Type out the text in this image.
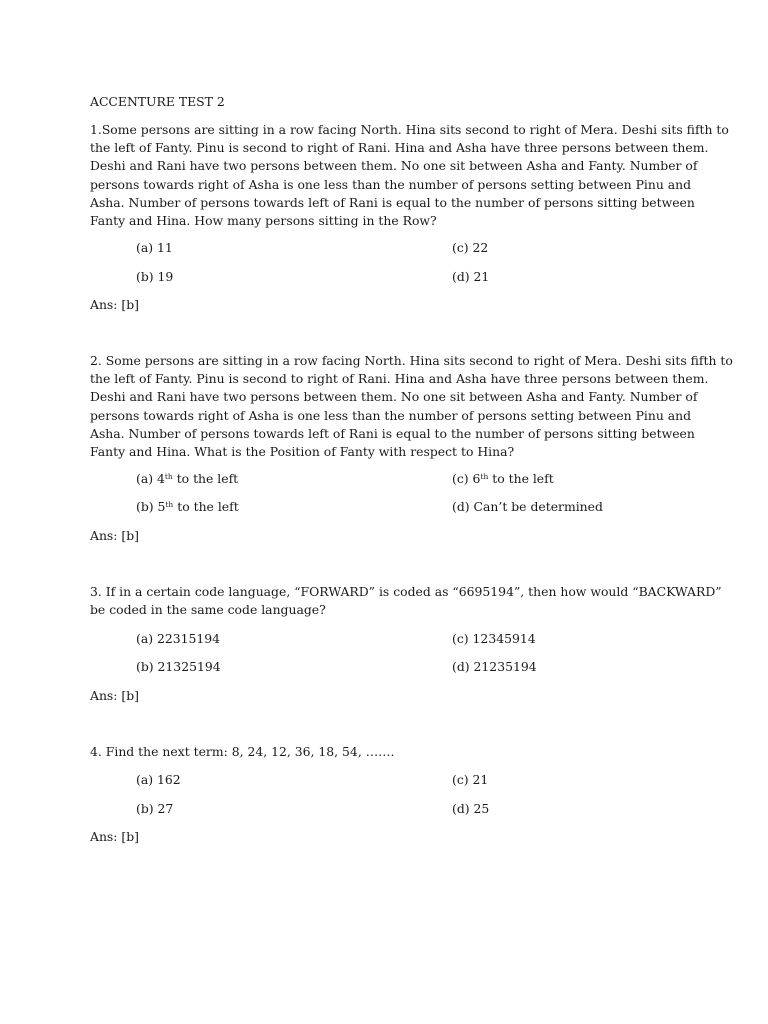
ACCENTURE TEST 2
1.Some persons are sitting in a row facing North. Hina sits second to right of Mera. Deshi sits fifth to
the left of Fanty. Pinu is second to right of Rani. Hina and Asha have three persons between them.
Deshi and Rani have two persons between them. No one sit between Asha and Fanty. Number of
persons towards right of Asha is one less than the number of persons setting between Pinu and
Asha. Number of persons towards left of Rani is equal to the number of persons sitting between
Fanty and Hina. How many persons sitting in the Row?
(a) 11	(c) 22
(b) 19	(d) 21
Ans: [b]
2. Some persons are sitting in a row facing North. Hina sits second to right of Mera. Deshi sits fifth to
the left of Fanty. Pinu is second to right of Rani. Hina and Asha have three persons between them.
Deshi and Rani have two persons between them. No one sit between Asha and Fanty. Number of
persons towards right of Asha is one less than the number of persons setting between Pinu and
Asha. Number of persons towards left of Rani is equal to the number of persons sitting between
Fanty and Hina. What is the Position of Fanty with respect to Hina?
(a) 4th to the left	(c) 6th to the left
(b) 5th to the left	(d) Can’t be determined
Ans: [b]
3. If in a certain code language, “FORWARD” is coded as “6695194”, then how would “BACKWARD”
be coded in the same code language?
(a) 22315194	(c) 12345914
(b) 21325194	(d) 21235194
Ans: [b]
4. Find the next term: 8, 24, 12, 36, 18, 54, …….
(a) 162	(c) 21
(b) 27	(d) 25
Ans: [b]
